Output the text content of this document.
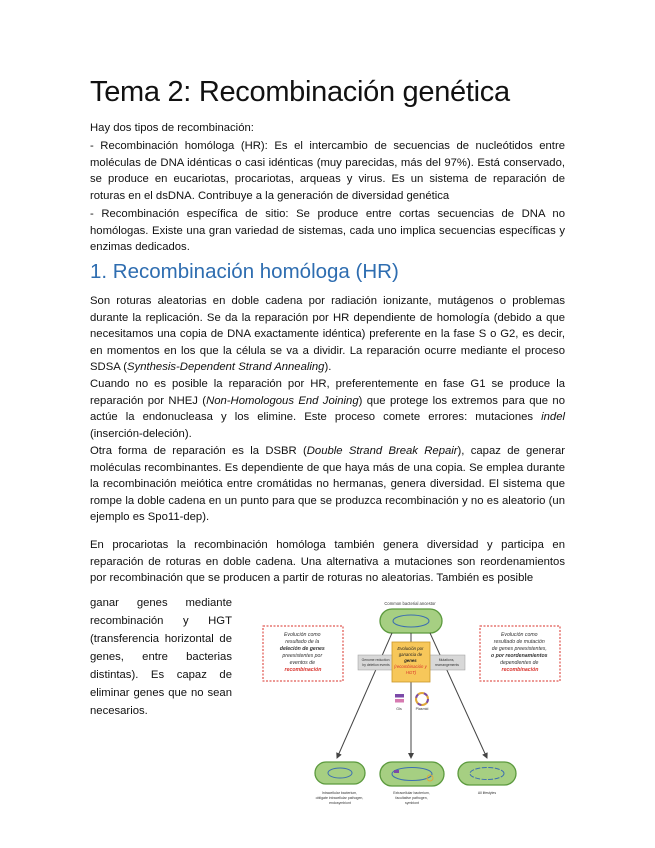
Tema 2: Recombinación genética

Hay dos tipos de recombinación:

- Recombinación homóloga (HR): Es el intercambio de secuencias de nucleótidos entre moléculas de DNA idénticas o casi idénticas (muy parecidas, más del 97%). Está conservado, se produce en eucariotas, procariotas, arqueas y virus. Es un sistema de reparación de roturas en el dsDNA. Contribuye a la generación de diversidad genética

- Recombinación específica de sitio: Se produce entre cortas secuencias de DNA no homólogas. Existe una gran variedad de sistemas, cada uno implica secuencias específicas y enzimas dedicados.

1. Recombinación homóloga (HR)

Son roturas aleatorias en doble cadena por radiación ionizante, mutágenos o problemas durante la replicación. Se da la reparación por HR dependiente de homología (debido a que necesitamos una copia de DNA exactamente idéntica) preferente en la fase S o G2, es decir, en momentos en los que la célula se va a dividir. La reparación ocurre mediante el proceso SDSA (Synthesis-Dependent Strand Annealing).

Cuando no es posible la reparación por HR, preferentemente en fase G1 se produce la reparación por NHEJ (Non-Homologous End Joining) que protege los extremos para que no actúe la endonucleasa y los elimine. Este proceso comete errores: mutaciones indel (inserción-deleción).

Otra forma de reparación es la DSBR (Double Strand Break Repair), capaz de generar moléculas recombinantes. Es dependiente de que haya más de una copia. Se emplea durante la recombinación meiótica entre cromátidas no hermanas, genera diversidad. El sistema que rompe la doble cadena en un punto para que se produzca recombinación y no es aleatorio (un ejemplo es Spo11-dep).

En procariotas la recombinación homóloga también genera diversidad y participa en reparación de roturas en doble cadena. Una alternativa a mutaciones son reordenamientos por recombinación que se producen a partir de roturas no aleatorias. También es posible

ganar genes mediante recombinación y HGT (transferencia horizontal de genes, entre bacterias distintas). Es capaz de eliminar genes que no sean necesarios.

Common bacterial ancestor
Evolución como resultado de la deleción de genes preexistentes por eventos de recombinación
Evolución como resultado de mutación de genes preexistentes, o por reordenamientos dependientes de recombinación
Genome reduction by deletion events
Mutations, rearrangements
Evolución por ganancia de genes (recombinación y HGT)
GIs	Plasmid
Intracellular bacterium, obligate intracellular pathogen, endosymbiont
Extracellular bacterium, facultative pathogen, symbiont
All lifestyles
